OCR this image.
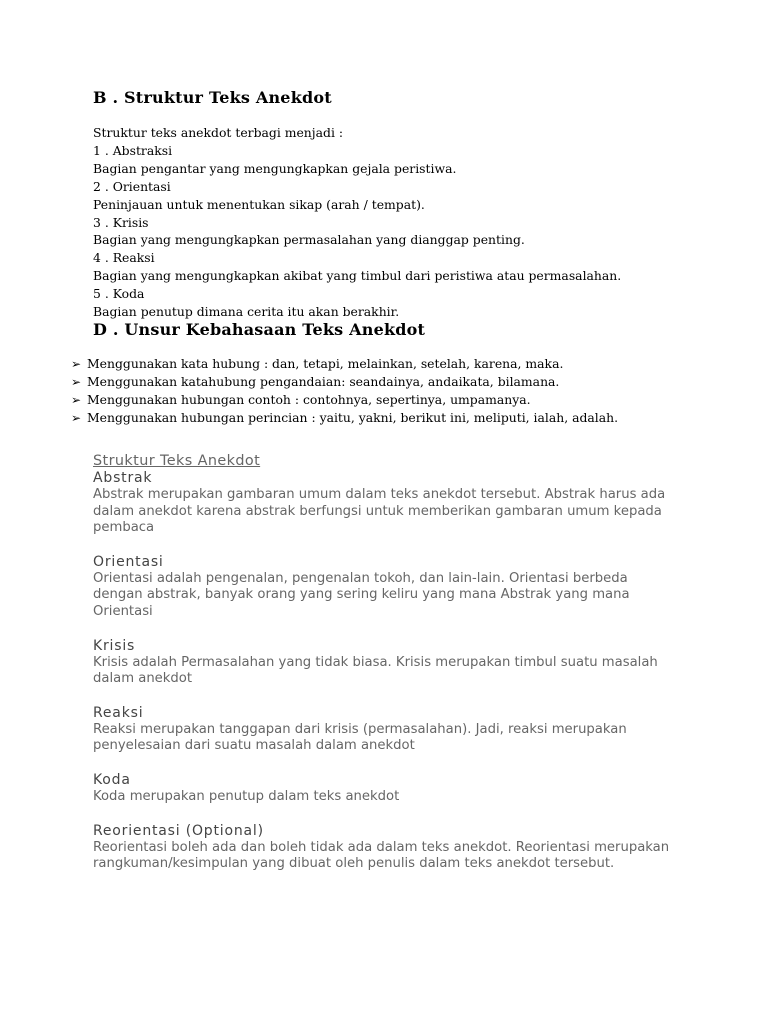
B . Struktur Teks Anekdot
Struktur teks anekdot terbagi menjadi :
1 . Abstraksi
Bagian pengantar yang mengungkapkan gejala peristiwa.
2 . Orientasi
Peninjauan untuk menentukan sikap (arah / tempat).
3 . Krisis
Bagian yang mengungkapkan permasalahan yang dianggap penting.
4 . Reaksi
Bagian yang mengungkapkan akibat yang timbul dari peristiwa atau permasalahan.
5 . Koda
Bagian penutup dimana cerita itu akan berakhir.
D . Unsur Kebahasaan Teks Anekdot
➢ Menggunakan kata hubung : dan, tetapi, melainkan, setelah, karena, maka.
➢ Menggunakan katahubung pengandaian: seandainya, andaikata, bilamana.
➢ Menggunakan hubungan contoh : contohnya, sepertinya, umpamanya.
➢ Menggunakan hubungan perincian : yaitu, yakni, berikut ini, meliputi, ialah, adalah.
Struktur Teks Anekdot
Abstrak

Abstrak merupakan gambaran umum dalam teks anekdot tersebut. Abstrak harus ada dalam anekdot karena abstrak berfungsi untuk memberikan gambaran umum kepada pembaca

Orientasi

Orientasi adalah pengenalan, pengenalan tokoh, dan lain-lain. Orientasi berbeda dengan abstrak, banyak orang yang sering keliru yang mana Abstrak yang mana Orientasi

Krisis

Krisis adalah Permasalahan yang tidak biasa. Krisis merupakan timbul suatu masalah dalam anekdot

Reaksi

Reaksi merupakan tanggapan dari krisis (permasalahan). Jadi, reaksi merupakan penyelesaian dari suatu masalah dalam anekdot

Koda

Koda merupakan penutup dalam teks anekdot

Reorientasi (Optional)

Reorientasi boleh ada dan boleh tidak ada dalam teks anekdot. Reorientasi merupakan rangkuman/kesimpulan yang dibuat oleh penulis dalam teks anekdot tersebut.
